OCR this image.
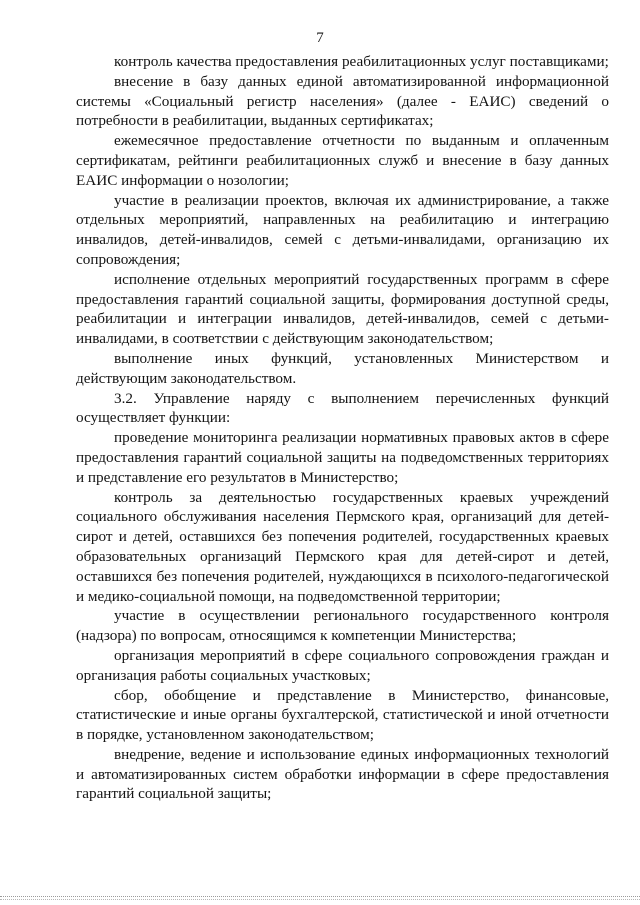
7

контроль качества предоставления реабилитационных услуг поставщиками;

внесение в базу данных единой автоматизированной информационной системы «Социальный регистр населения» (далее - ЕАИС) сведений о потребности в реабилитации, выданных сертификатах;

ежемесячное предоставление отчетности по выданным и оплаченным сертификатам, рейтинги реабилитационных служб и внесение в базу данных ЕАИС информации о нозологии;

участие в реализации проектов, включая их администрирование, а также отдельных мероприятий, направленных на реабилитацию и интеграцию инвалидов, детей-инвалидов, семей с детьми-инвалидами, организацию их сопровождения;

исполнение отдельных мероприятий государственных программ в сфере предоставления гарантий социальной защиты, формирования доступной среды, реабилитации и интеграции инвалидов, детей-инвалидов, семей с детьми-инвалидами, в соответствии с действующим законодательством;

выполнение иных функций, установленных Министерством и действующим законодательством.

3.2. Управление наряду с выполнением перечисленных функций осуществляет функции:

проведение мониторинга реализации нормативных правовых актов в сфере предоставления гарантий социальной защиты на подведомственных территориях и представление его результатов в Министерство;

контроль за деятельностью государственных краевых учреждений социального обслуживания населения Пермского края, организаций для детей-сирот и детей, оставшихся без попечения родителей, государственных краевых образовательных организаций Пермского края для детей-сирот и детей, оставшихся без попечения родителей, нуждающихся в психолого-педагогической и медико-социальной помощи, на подведомственной территории;

участие в осуществлении регионального государственного контроля (надзора) по вопросам, относящимся к компетенции Министерства;

организация мероприятий в сфере социального сопровождения граждан и организация работы социальных участковых;

сбор, обобщение и представление в Министерство, финансовые, статистические и иные органы бухгалтерской, статистической и иной отчетности в порядке, установленном законодательством;

внедрение, ведение и использование единых информационных технологий и автоматизированных систем обработки информации в сфере предоставления гарантий социальной защиты;
